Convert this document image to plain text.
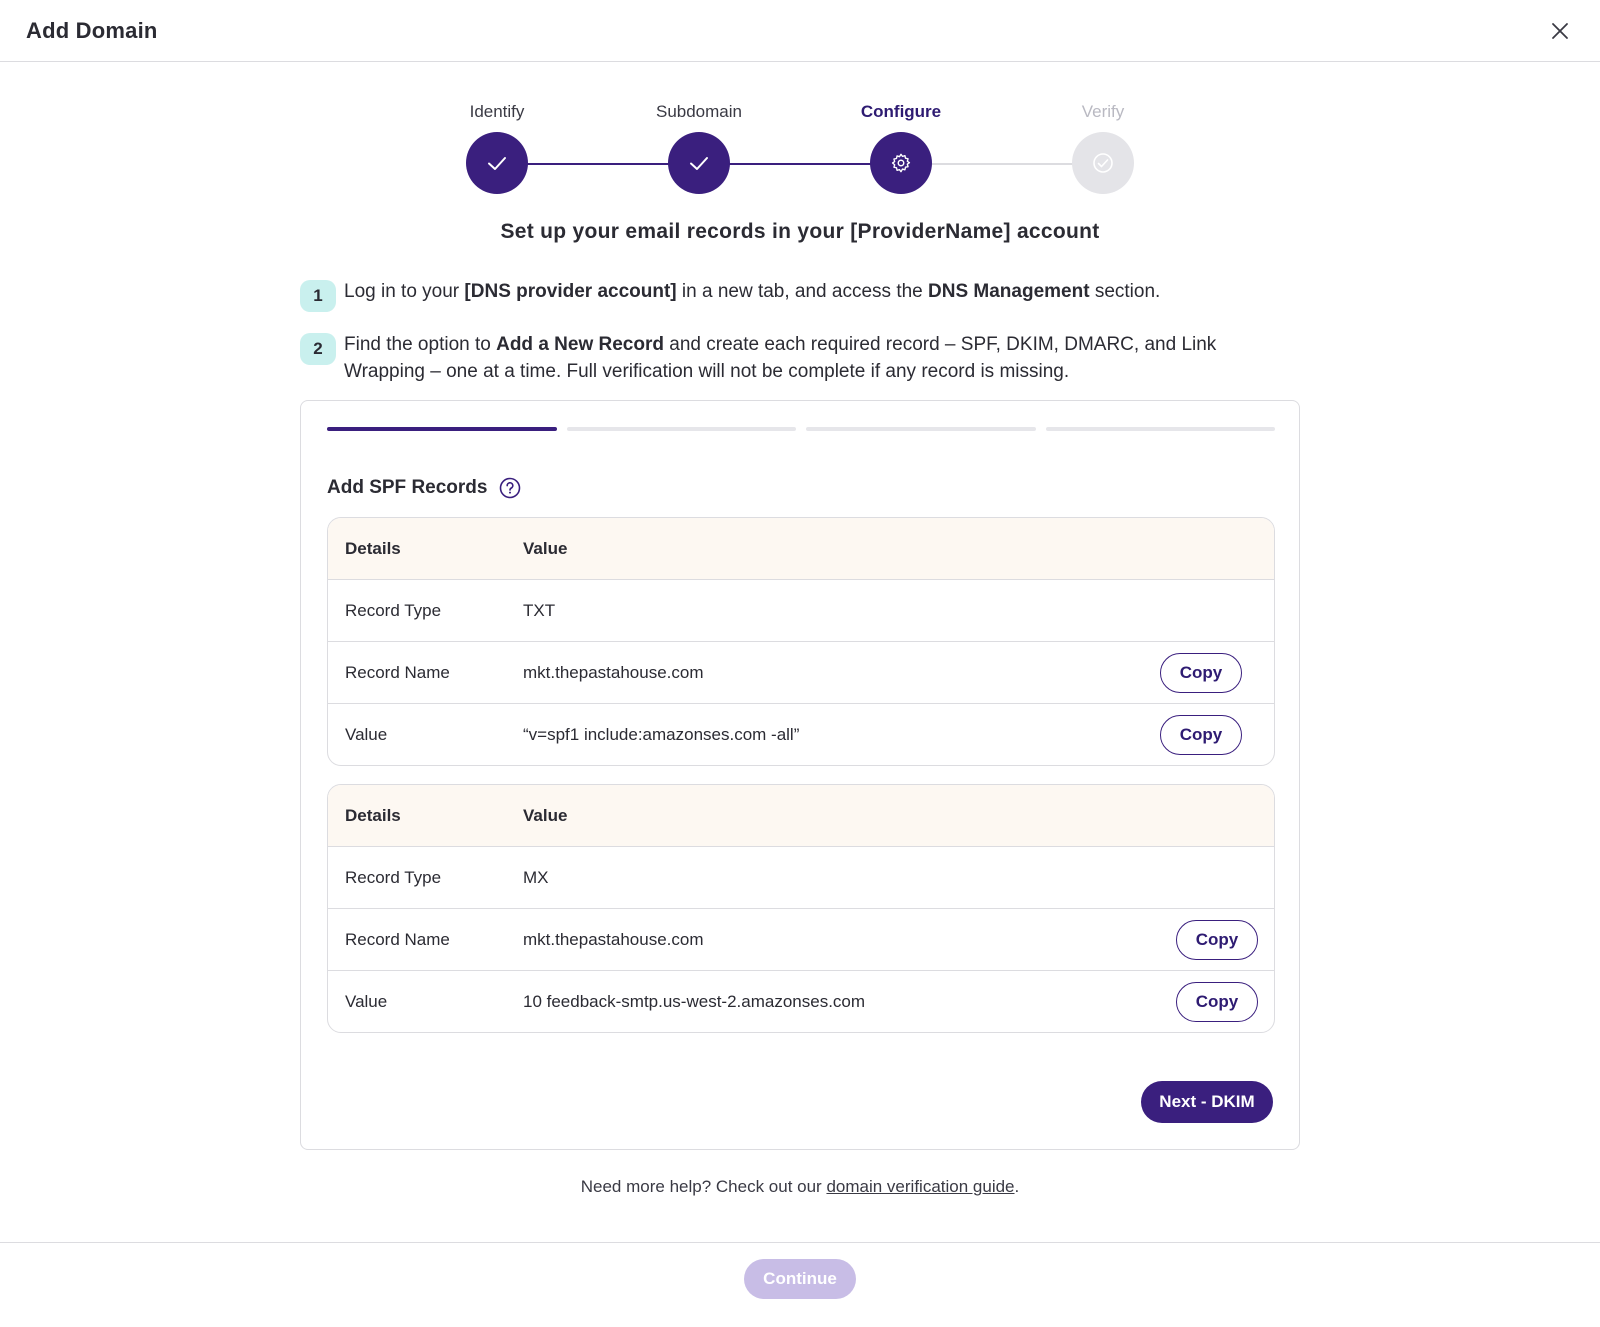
Add Domain
Identify	Subdomain	Configure	Verify
Set up your email records in your [ProviderName] account
1	Log in to your [DNS provider account] in a new tab, and access the DNS Management section.
2	Find the option to Add a New Record and create each required record – SPF, DKIM, DMARC, and Link Wrapping – one at a time. Full verification will not be complete if any record is missing.
Add SPF Records
Details	Value
Record Type	TXT
Record Name	mkt.thepastahouse.com	Copy
Value	“v=spf1 include:amazonses.com -all”	Copy
Details	Value
Record Type	MX
Record Name	mkt.thepastahouse.com	Copy
Value	10 feedback-smtp.us-west-2.amazonses.com	Copy
Next - DKIM
Need more help? Check out our domain verification guide.
Continue
